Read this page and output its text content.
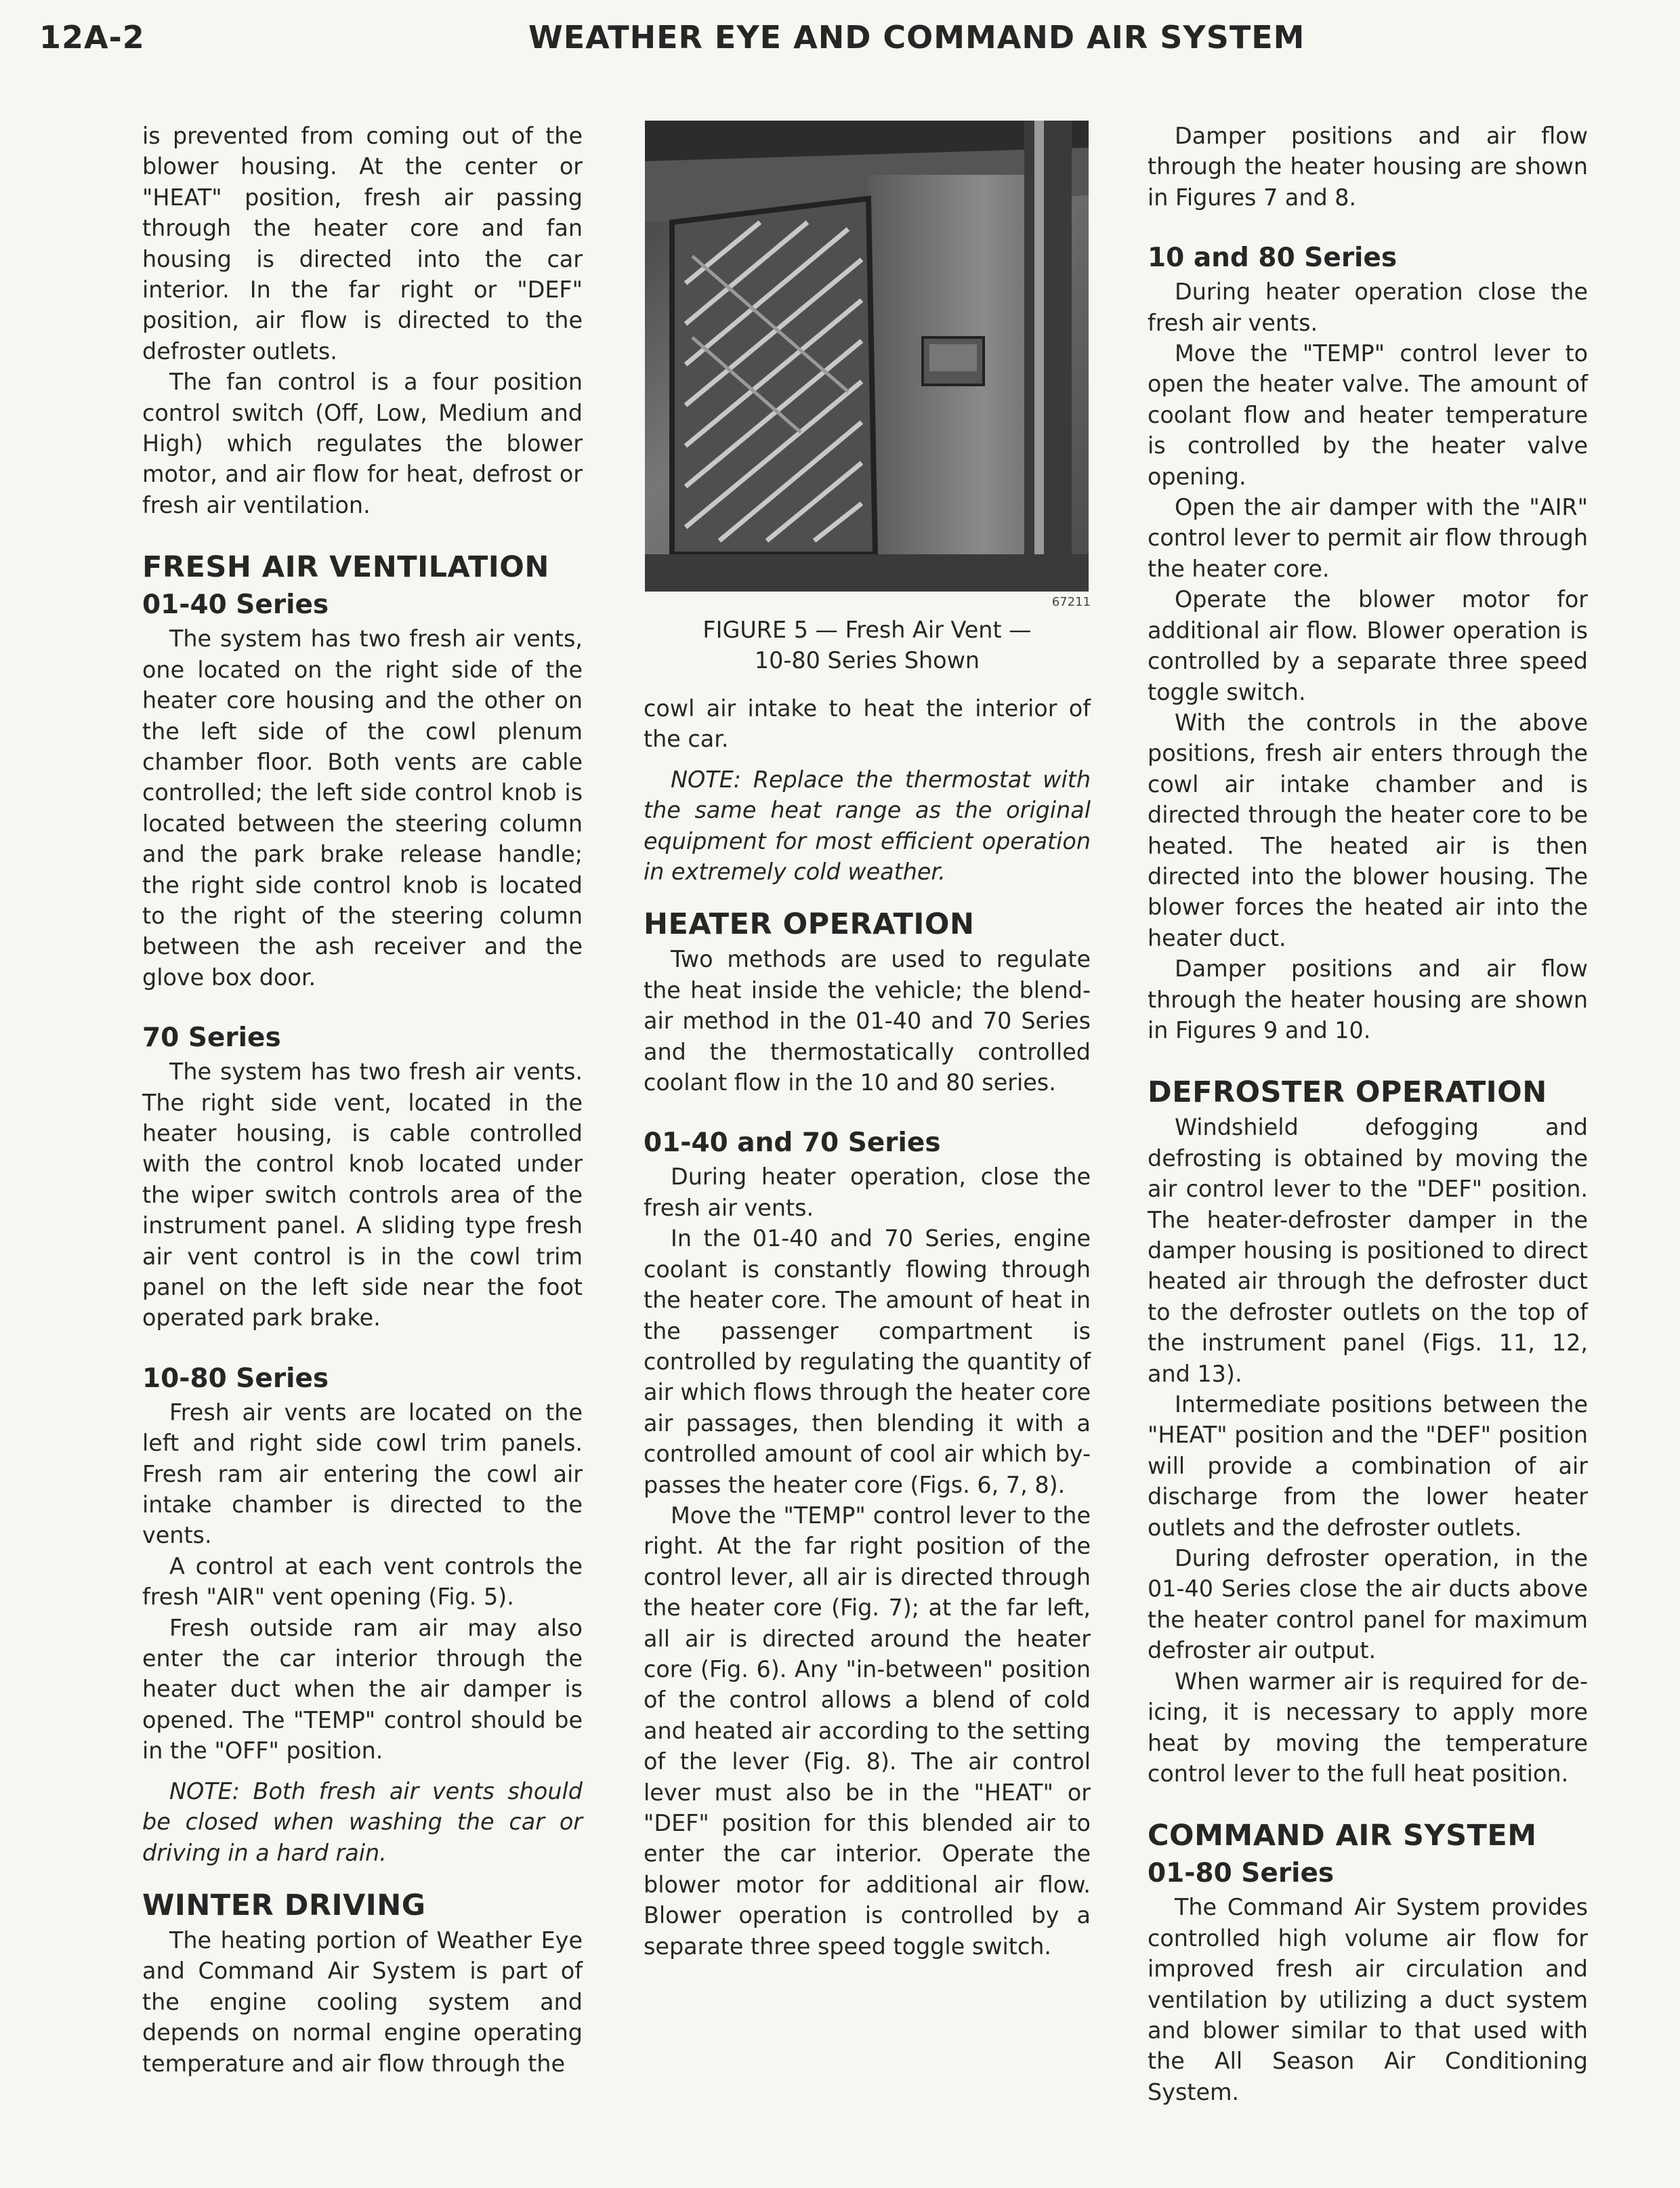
12A-2	WEATHER EYE AND COMMAND AIR SYSTEM

is prevented from coming out of the blower housing. At the center or "HEAT" position, fresh air passing through the heater core and fan housing is directed into the car interior. In the far right or "DEF" position, air flow is directed to the defroster outlets.

The fan control is a four position control switch (Off, Low, Medium and High) which regulates the blower motor, and air flow for heat, defrost or fresh air ventilation.

FRESH AIR VENTILATION
01-40 Series

The system has two fresh air vents, one located on the right side of the heater core housing and the other on the left side of the cowl plenum chamber floor. Both vents are cable controlled; the left side control knob is located between the steering column and the park brake release handle; the right side control knob is located to the right of the steering column between the ash receiver and the glove box door.

70 Series

The system has two fresh air vents. The right side vent, located in the heater housing, is cable controlled with the control knob located under the wiper switch controls area of the instrument panel. A sliding type fresh air vent control is in the cowl trim panel on the left side near the foot operated park brake.

10-80 Series

Fresh air vents are located on the left and right side cowl trim panels. Fresh ram air entering the cowl air intake chamber is directed to the vents.

A control at each vent controls the fresh "AIR" vent opening (Fig. 5).

Fresh outside ram air may also enter the car interior through the heater duct when the air damper is opened. The "TEMP" control should be in the "OFF" position.

NOTE: Both fresh air vents should be closed when washing the car or driving in a hard rain.

WINTER DRIVING

The heating portion of Weather Eye and Command Air System is part of the engine cooling system and depends on normal engine operating temperature and air flow through the

67211
FIGURE 5 — Fresh Air Vent —
10-80 Series Shown

cowl air intake to heat the interior of the car.

NOTE: Replace the thermostat with the same heat range as the original equipment for most efficient operation in extremely cold weather.

HEATER OPERATION

Two methods are used to regulate the heat inside the vehicle; the blend-air method in the 01-40 and 70 Series and the thermostatically controlled coolant flow in the 10 and 80 series.

01-40 and 70 Series

During heater operation, close the fresh air vents.

In the 01-40 and 70 Series, engine coolant is constantly flowing through the heater core. The amount of heat in the passenger compartment is controlled by regulating the quantity of air which flows through the heater core air passages, then blending it with a controlled amount of cool air which by-passes the heater core (Figs. 6, 7, 8).

Move the "TEMP" control lever to the right. At the far right position of the control lever, all air is directed through the heater core (Fig. 7); at the far left, all air is directed around the heater core (Fig. 6). Any "in-between" position of the control allows a blend of cold and heated air according to the setting of the lever (Fig. 8). The air control lever must also be in the "HEAT" or "DEF" position for this blended air to enter the car interior. Operate the blower motor for additional air flow. Blower operation is controlled by a separate three speed toggle switch.

Damper positions and air flow through the heater housing are shown in Figures 7 and 8.

10 and 80 Series

During heater operation close the fresh air vents.

Move the "TEMP" control lever to open the heater valve. The amount of coolant flow and heater temperature is controlled by the heater valve opening.

Open the air damper with the "AIR" control lever to permit air flow through the heater core.

Operate the blower motor for additional air flow. Blower operation is controlled by a separate three speed toggle switch.

With the controls in the above positions, fresh air enters through the cowl air intake chamber and is directed through the heater core to be heated. The heated air is then directed into the blower housing. The blower forces the heated air into the heater duct.

Damper positions and air flow through the heater housing are shown in Figures 9 and 10.

DEFROSTER OPERATION

Windshield defogging and defrosting is obtained by moving the air control lever to the "DEF" position. The heater-defroster damper in the damper housing is positioned to direct heated air through the defroster duct to the defroster outlets on the top of the instrument panel (Figs. 11, 12, and 13).

Intermediate positions between the "HEAT" position and the "DEF" position will provide a combination of air discharge from the lower heater outlets and the defroster outlets.

During defroster operation, in the 01-40 Series close the air ducts above the heater control panel for maximum defroster air output.

When warmer air is required for de-icing, it is necessary to apply more heat by moving the temperature control lever to the full heat position.

COMMAND AIR SYSTEM
01-80 Series

The Command Air System provides controlled high volume air flow for improved fresh air circulation and ventilation by utilizing a duct system and blower similar to that used with the All Season Air Conditioning System.
